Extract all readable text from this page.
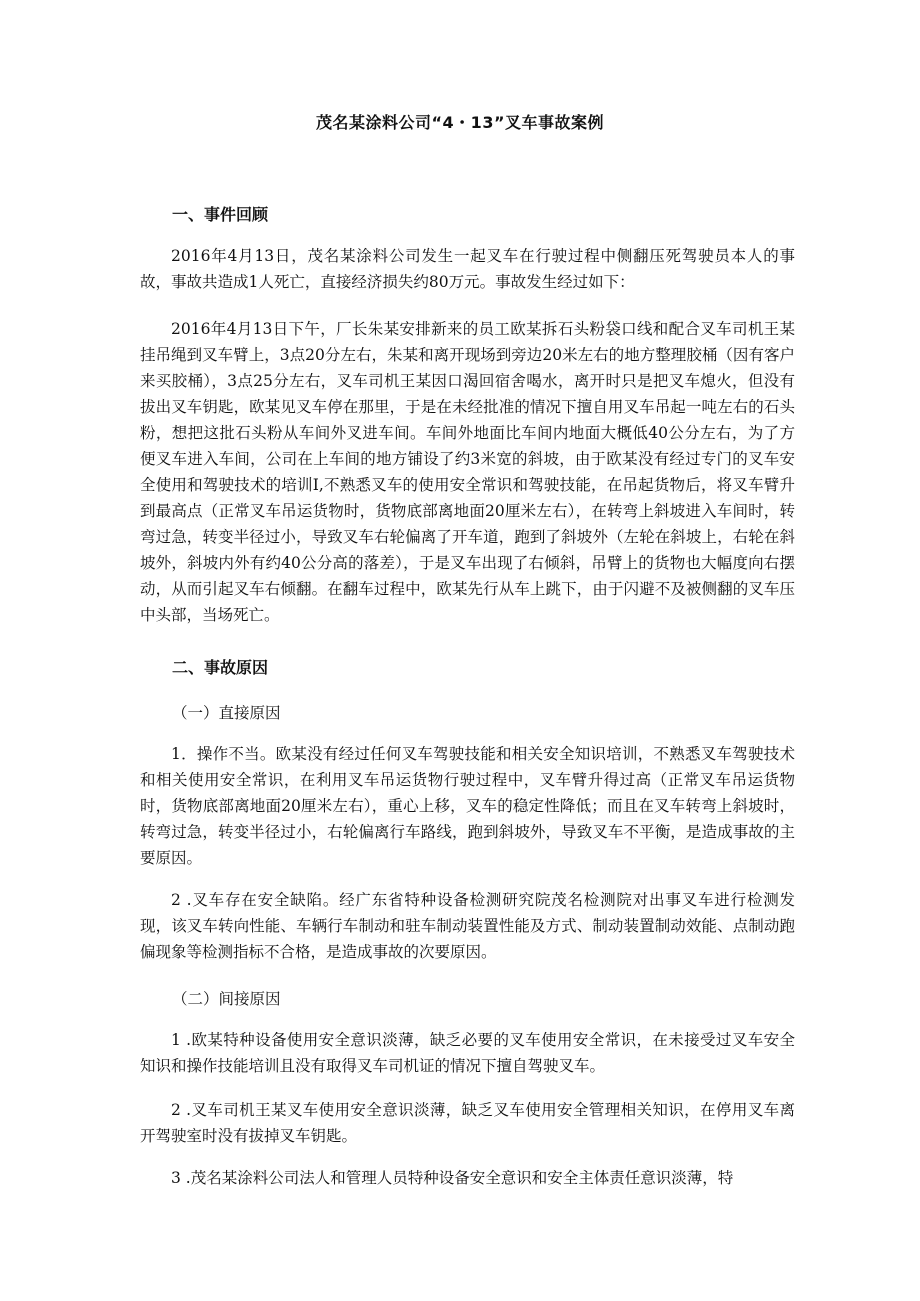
茂名某涂料公司“4・13”叉车事故案例
一、事件回顾

2016年4月13日，茂名某涂料公司发生一起叉车在行驶过程中侧翻压死驾驶员本人的事故，事故共造成1人死亡，直接经济损失约80万元。事故发生经过如下：

2016年4月13日下午，厂长朱某安排新来的员工欧某拆石头粉袋口线和配合叉车司机王某挂吊绳到叉车臂上，3点20分左右，朱某和离开现场到旁边20米左右的地方整理胶桶（因有客户来买胶桶），3点25分左右，叉车司机王某因口渴回宿舍喝水，离开时只是把叉车熄火，但没有拔出叉车钥匙，欧某见叉车停在那里，于是在未经批准的情况下擅自用叉车吊起一吨左右的石头粉，想把这批石头粉从车间外叉进车间。车间外地面比车间内地面大概低40公分左右，为了方便叉车进入车间，公司在上车间的地方铺设了约3米宽的斜坡，由于欧某没有经过专门的叉车安全使用和驾驶技术的培训I,不熟悉叉车的使用安全常识和驾驶技能，在吊起货物后，将叉车臂升到最高点（正常叉车吊运货物时，货物底部离地面20厘米左右），在转弯上斜坡进入车间时，转弯过急，转变半径过小，导致叉车右轮偏离了开车道，跑到了斜坡外（左轮在斜坡上，右轮在斜坡外，斜坡内外有约40公分高的落差），于是叉车出现了右倾斜，吊臂上的货物也大幅度向右摆动，从而引起叉车右倾翻。在翻车过程中，欧某先行从车上跳下，由于闪避不及被侧翻的叉车压中头部，当场死亡。

二、事故原因

（一）直接原因

1．操作不当。欧某没有经过任何叉车驾驶技能和相关安全知识培训，不熟悉叉车驾驶技术和相关使用安全常识，在利用叉车吊运货物行驶过程中，叉车臂升得过高（正常叉车吊运货物时，货物底部离地面20厘米左右），重心上移，叉车的稳定性降低；而且在叉车转弯上斜坡时，转弯过急，转变半径过小，右轮偏离行车路线，跑到斜坡外，导致叉车不平衡，是造成事故的主要原因。

2 .叉车存在安全缺陷。经广东省特种设备检测研究院茂名检测院对出事叉车进行检测发现，该叉车转向性能、车辆行车制动和驻车制动装置性能及方式、制动装置制动效能、点制动跑偏现象等检测指标不合格，是造成事故的次要原因。

（二）间接原因

1 .欧某特种设备使用安全意识淡薄，缺乏必要的叉车使用安全常识，在未接受过叉车安全知识和操作技能培训且没有取得叉车司机证的情况下擅自驾驶叉车。

2 .叉车司机王某叉车使用安全意识淡薄，缺乏叉车使用安全管理相关知识，在停用叉车离开驾驶室时没有拔掉叉车钥匙。

3 .茂名某涂料公司法人和管理人员特种设备安全意识和安全主体责任意识淡薄，特
